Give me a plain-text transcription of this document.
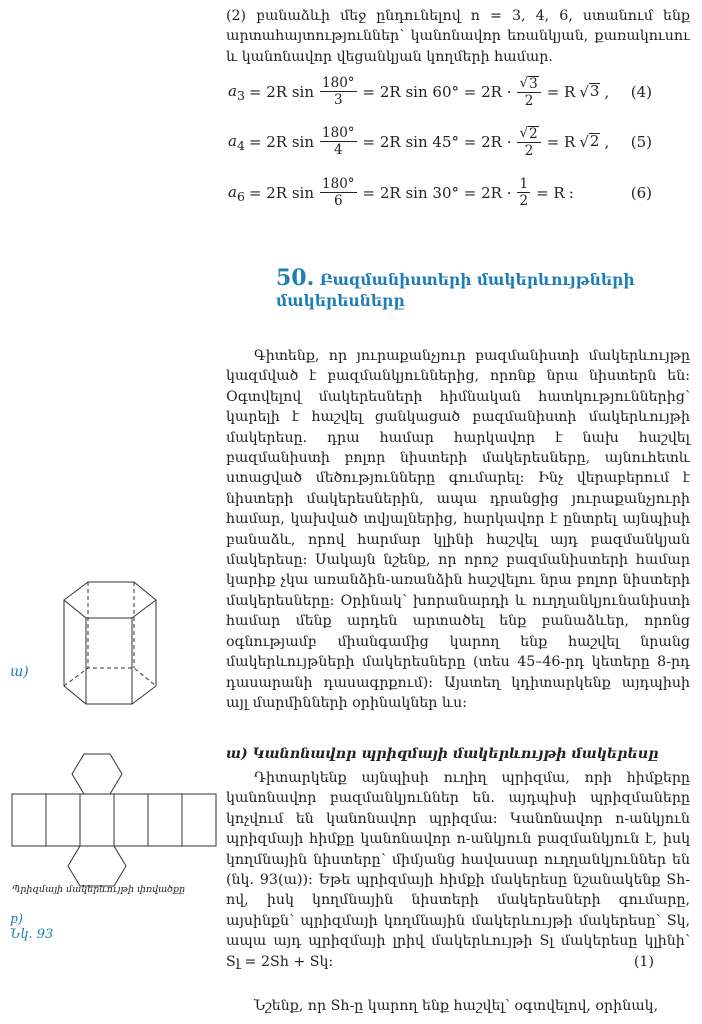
(2) բանաձևի մեջ ընդունելով n = 3, 4, 6, ստանում ենք արտահայտություններ՝ կանոնավոր եռանկյան, քառակուսու և կանոնավոր վեցանկյան կողմերի համար.

$a_3 = 2R$ $\sin \frac{180^\circ}{3} = 2R$ $\sin 60^\circ = 2R \cdot \frac{√ 3}{2} = R$ √ 3 , (4)
$a_4 = 2R$ $\sin \frac{180^\circ}{4} = 2R$ $\sin 45^\circ = 2R \cdot \frac{√ 2}{2} = R$ √ 2 , (5)
$a_6 = 2R$ $\sin \frac{180^\circ}{6} = 2R$ $\sin 30^\circ = 2R \cdot \frac{1}{2} = R$ :	(6)
50. Բազմանիստերի մակերևույթների մակերեսները

Գիտենք, որ յուրաքանչյուր բազմանիստի մակերևույթը կազմված է բազմանկյուններից, որոնք նրա նիստերն են: Օգտվելով մակերեսների հիմնական հատկություններից՝ կարելի է հաշվել ցանկացած բազմանիստի մակերևույթի մակերեսը. դրա համար հարկավոր է նախ հաշվել բազմանիստի բոլոր նիստերի մակերեսները, այնուհետև ստացված մեծությունները գումարել: Ինչ վերաբերում է նիստերի մակերեսներին, ապա դրանցից յուրաքանչյուրի համար, կախված տվյալներից, հարկավոր է ընտրել այնպիսի բանաձև, որով հարմար կլինի հաշվել այդ բազմանկյան մակերեսը: Սակայն նշենք, որ որոշ բազմանիստերի համար կարիք չկա առանձին-առանձին հաշվելու նրա բոլոր նիստերի մակերեսները: Օրինակ՝ խորանարդի և ուղղանկյունանիստի համար մենք արդեն արտածել ենք բանաձևեր, որոնց օգնությամբ միանգամից կարող ենք հաշվել նրանց մակերևույթների մակերեսները (տես 45–46-րդ կետերը 8-րդ դասարանի դասագրքում): Այստեղ կդիտարկենք այդպիսի այլ մարմինների օրինակներ ևս:

ա) Կանոնավոր պրիզմայի մակերևույթի մակերեսը

Դիտարկենք այնպիսի ուղիղ պրիզմա, որի հիմքերը կանոնավոր բազմանկյուններ են. այդպիսի պրիզմաները կոչվում են կանոնավոր պրիզմա: Կանոնավոր n-անկյուն պրիզմայի հիմքը կանոնավոր n-անկյուն բազմանկյուն է, իսկ կողմնային նիստերը՝ միմյանց հավասար ուղղանկյուններ են (նկ. 93(ա)): Եթե պրիզմայի հիմքի մակերեսը նշանակենք Sh-ով, իսկ կողմնային նիստերի մակերեսների գումարը, այսինքն՝ պրիզմայի կողմնային մակերևույթի մակերեսը՝ Sկ, ապա այդ պրիզմայի լրիվ մակերևույթի Sլ մակերեսը կլինի՝ Sլ = 2Sh + Sկ:	(1)

Նշենք, որ Sh-ը կարող ենք հաշվել՝ օգտվելով, օրինակ,

ա)
Պրիզմայի մակերևույթի փռվածքը
բ)
Նկ. 93
